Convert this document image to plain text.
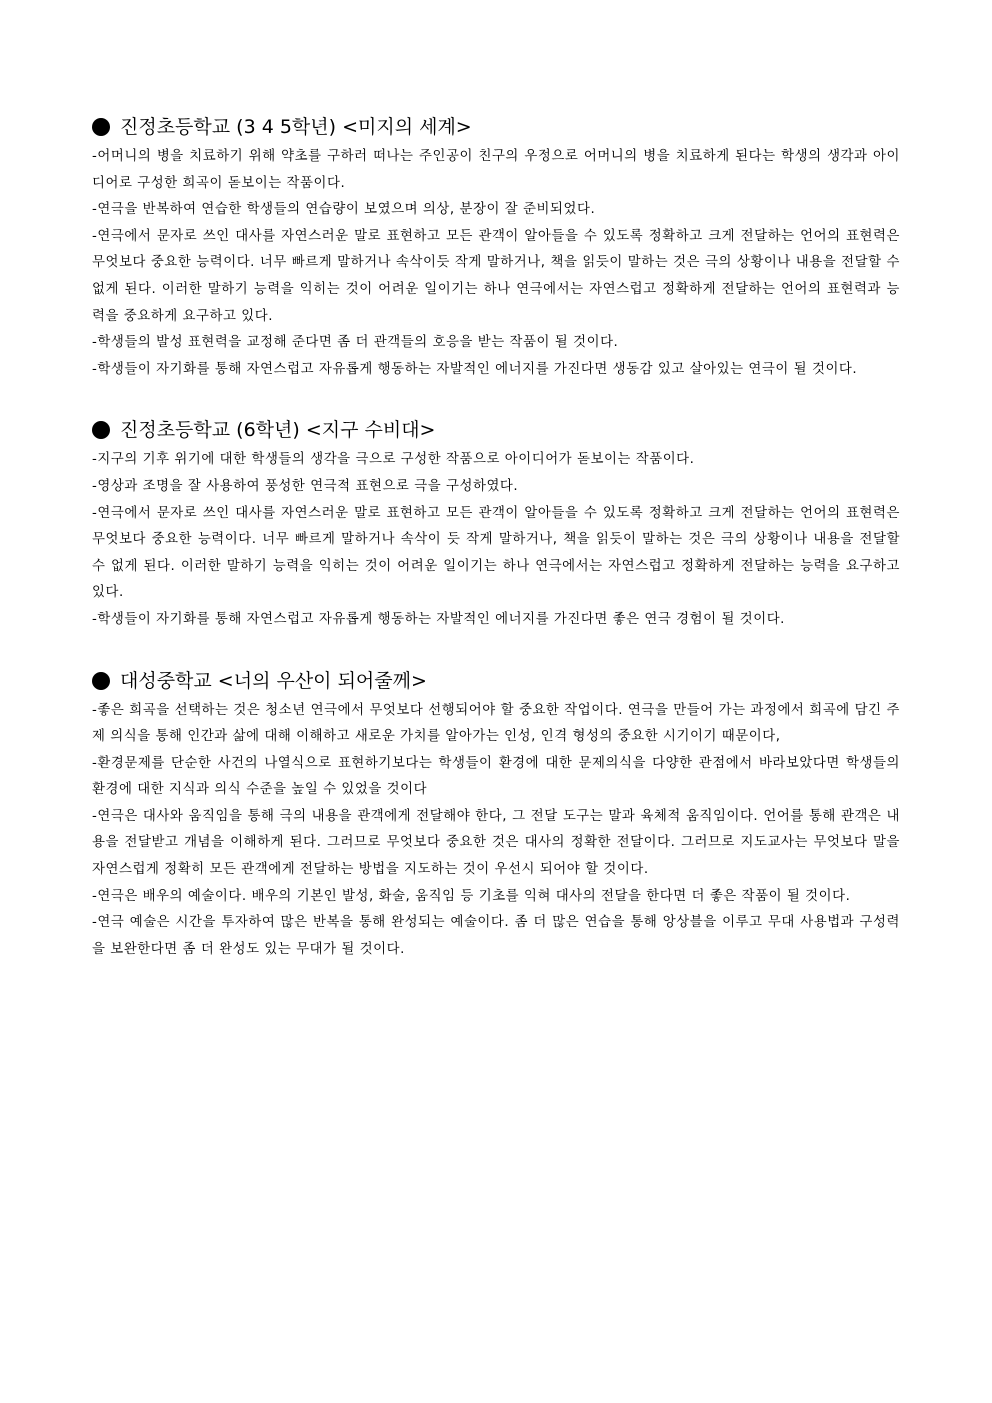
진정초등학교 (3 4 5학년) <미지의 세계>

-어머니의 병을 치료하기 위해 약초를 구하러 떠나는 주인공이 친구의 우정으로 어머니의 병을 치료하게 된다는 학생의 생각과 아이디어로 구성한 희곡이 돋보이는 작품이다.

-연극을 반복하여 연습한 학생들의 연습량이 보였으며 의상, 분장이 잘 준비되었다.

-연극에서 문자로 쓰인 대사를 자연스러운 말로 표현하고 모든 관객이 알아들을 수 있도록 정확하고 크게 전달하는 언어의 표현력은 무엇보다 중요한 능력이다. 너무 빠르게 말하거나 속삭이듯 작게 말하거나, 책을 읽듯이 말하는 것은 극의 상황이나 내용을 전달할 수 없게 된다. 이러한 말하기 능력을 익히는 것이 어려운 일이기는 하나 연극에서는 자연스럽고 정확하게 전달하는 언어의 표현력과 능력을 중요하게 요구하고 있다.

-학생들의 발성 표현력을 교정해 준다면 좀 더 관객들의 호응을 받는 작품이 될 것이다.

-학생들이 자기화를 통해 자연스럽고 자유롭게 행동하는 자발적인 에너지를 가진다면 생동감 있고 살아있는 연극이 될 것이다.

진정초등학교 (6학년) <지구 수비대>

-지구의 기후 위기에 대한 학생들의 생각을 극으로 구성한 작품으로 아이디어가 돋보이는 작품이다.

-영상과 조명을 잘 사용하여 풍성한 연극적 표현으로 극을 구성하였다.

-연극에서 문자로 쓰인 대사를 자연스러운 말로 표현하고 모든 관객이 알아들을 수 있도록 정확하고 크게 전달하는 언어의 표현력은 무엇보다 중요한 능력이다. 너무 빠르게 말하거나 속삭이 듯 작게 말하거나, 책을 읽듯이 말하는 것은 극의 상황이나 내용을 전달할 수 없게 된다. 이러한 말하기 능력을 익히는 것이 어려운 일이기는 하나 연극에서는 자연스럽고 정확하게 전달하는 능력을 요구하고 있다.

-학생들이 자기화를 통해 자연스럽고 자유롭게 행동하는 자발적인 에너지를 가진다면 좋은 연극 경험이 될 것이다.

대성중학교 <너의 우산이 되어줄께>

-좋은 희곡을 선택하는 것은 청소년 연극에서 무엇보다 선행되어야 할 중요한 작업이다. 연극을 만들어 가는 과정에서 희곡에 담긴 주제 의식을 통해 인간과 삶에 대해 이해하고 새로운 가치를 알아가는 인성, 인격 형성의 중요한 시기이기 때문이다,

-환경문제를 단순한 사건의 나열식으로 표현하기보다는 학생들이 환경에 대한 문제의식을 다양한 관점에서 바라보았다면 학생들의 환경에 대한 지식과 의식 수준을 높일 수 있었을 것이다

-연극은 대사와 움직임을 통해 극의 내용을 관객에게 전달해야 한다, 그 전달 도구는 말과 육체적 움직임이다. 언어를 통해 관객은 내용을 전달받고 개념을 이해하게 된다. 그러므로 무엇보다 중요한 것은 대사의 정확한 전달이다. 그러므로 지도교사는 무엇보다 말을 자연스럽게 정확히 모든 관객에게 전달하는 방법을 지도하는 것이 우선시 되어야 할 것이다.

-연극은 배우의 예술이다. 배우의 기본인 발성, 화술, 움직임 등 기초를 익혀 대사의 전달을 한다면 더 좋은 작품이 될 것이다.

-연극 예술은 시간을 투자하여 많은 반복을 통해 완성되는 예술이다. 좀 더 많은 연습을 통해 앙상블을 이루고 무대 사용법과 구성력을 보완한다면 좀 더 완성도 있는 무대가 될 것이다.
